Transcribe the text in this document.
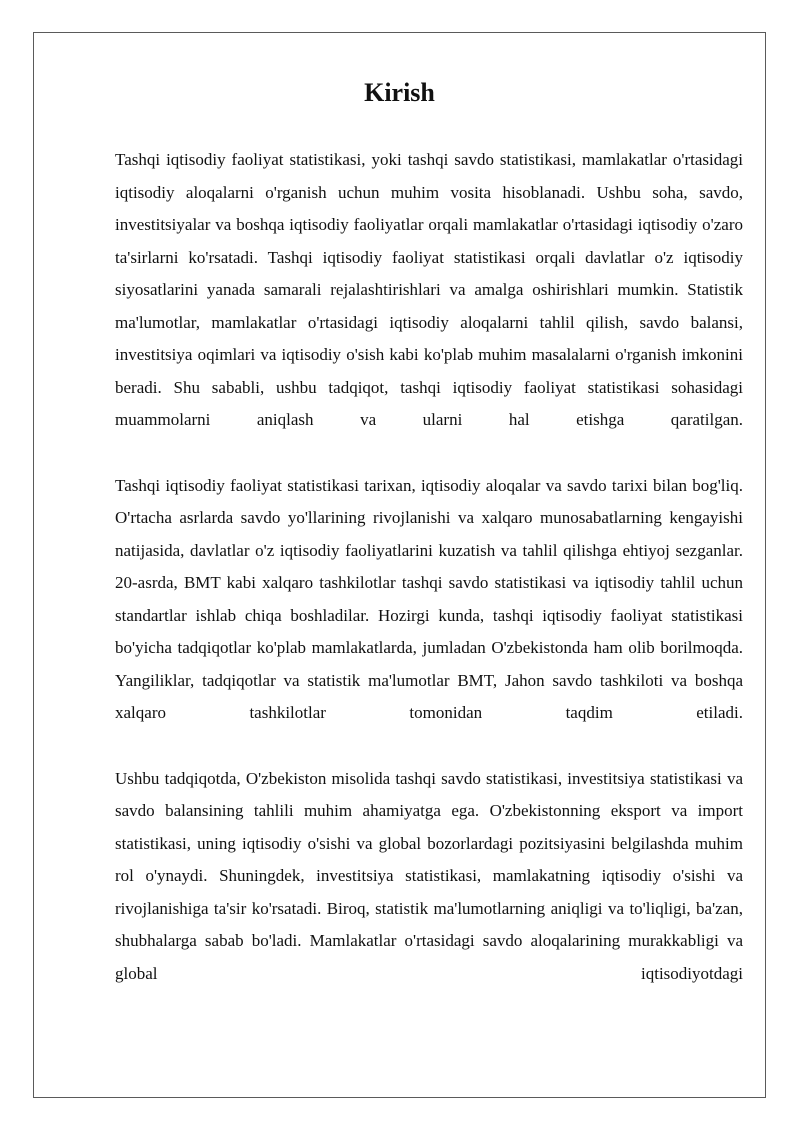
Kirish

Tashqi iqtisodiy faoliyat statistikasi, yoki tashqi savdo statistikasi, mamlakatlar o'rtasidagi iqtisodiy aloqalarni o'rganish uchun muhim vosita hisoblanadi. Ushbu soha, savdo, investitsiyalar va boshqa iqtisodiy faoliyatlar orqali mamlakatlar o'rtasidagi iqtisodiy o'zaro ta'sirlarni ko'rsatadi. Tashqi iqtisodiy faoliyat statistikasi orqali davlatlar o'z iqtisodiy siyosatlarini yanada samarali rejalashtirishlari va amalga oshirishlari mumkin. Statistik ma'lumotlar, mamlakatlar o'rtasidagi iqtisodiy aloqalarni tahlil qilish, savdo balansi, investitsiya oqimlari va iqtisodiy o'sish kabi ko'plab muhim masalalarni o'rganish imkonini beradi. Shu sababli, ushbu tadqiqot, tashqi iqtisodiy faoliyat statistikasi sohasidagi muammolarni aniqlash va ularni hal etishga qaratilgan.

Tashqi iqtisodiy faoliyat statistikasi tarixan, iqtisodiy aloqalar va savdo tarixi bilan bog'liq. O'rtacha asrlarda savdo yo'llarining rivojlanishi va xalqaro munosabatlarning kengayishi natijasida, davlatlar o'z iqtisodiy faoliyatlarini kuzatish va tahlil qilishga ehtiyoj sezganlar. 20-asrda, BMT kabi xalqaro tashkilotlar tashqi savdo statistikasi va iqtisodiy tahlil uchun standartlar ishlab chiqa boshladilar. Hozirgi kunda, tashqi iqtisodiy faoliyat statistikasi bo'yicha tadqiqotlar ko'plab mamlakatlarda, jumladan O'zbekistonda ham olib borilmoqda. Yangiliklar, tadqiqotlar va statistik ma'lumotlar BMT, Jahon savdo tashkiloti va boshqa xalqaro tashkilotlar tomonidan taqdim etiladi.

Ushbu tadqiqotda, O'zbekiston misolida tashqi savdo statistikasi, investitsiya statistikasi va savdo balansining tahlili muhim ahamiyatga ega. O'zbekistonning eksport va import statistikasi, uning iqtisodiy o'sishi va global bozorlardagi pozitsiyasini belgilashda muhim rol o'ynaydi. Shuningdek, investitsiya statistikasi, mamlakatning iqtisodiy o'sishi va rivojlanishiga ta'sir ko'rsatadi. Biroq, statistik ma'lumotlarning aniqligi va to'liqligi, ba'zan, shubhalarga sabab bo'ladi. Mamlakatlar o'rtasidagi savdo aloqalarining murakkabligi va global iqtisodiyotdagi
